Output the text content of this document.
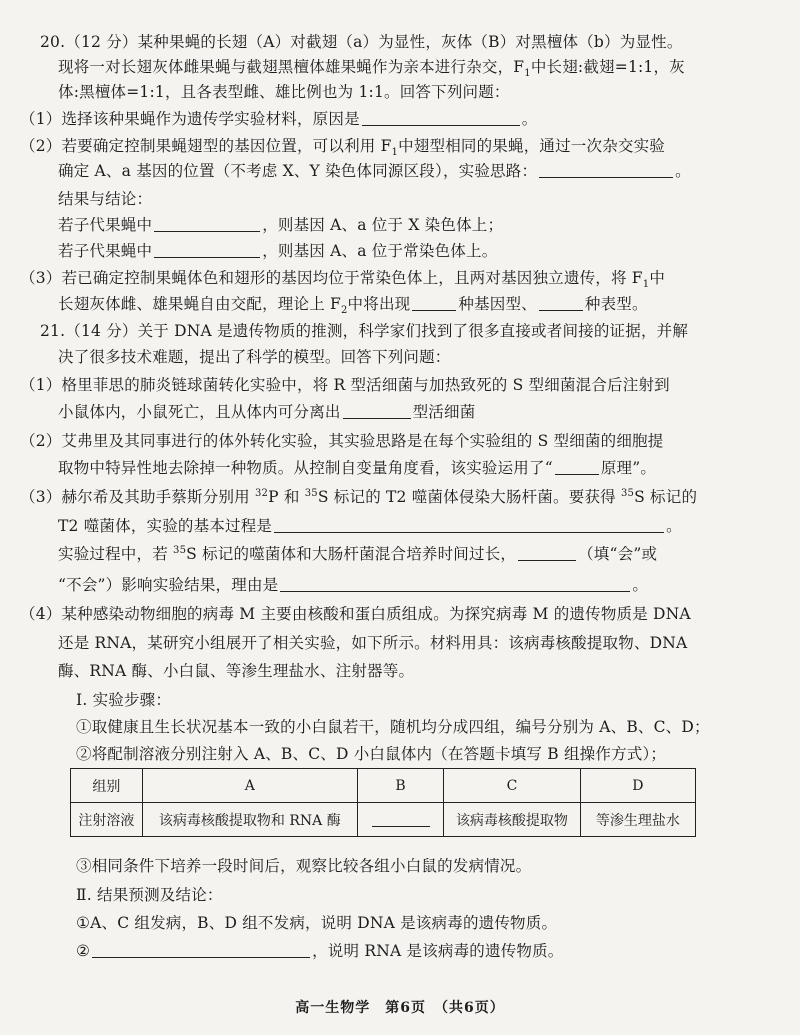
20.（12 分）某种果蝇的长翅（A）对截翅（a）为显性，灰体（B）对黑檀体（b）为显性。
现将一对长翅灰体雌果蝇与截翅黑檀体雄果蝇作为亲本进行杂交，$F_1$中长翅:截翅=1:1，灰
体:黑檀体=1:1，且各表型雌、雄比例也为 1:1。回答下列问题：
（1）选择该种果蝇作为遗传学实验材料，原因是	。
（2）若要确定控制果蝇翅型的基因位置，可以利用 $F_1$中翅型相同的果蝇，通过一次杂交实验
确定 A、a 基因的位置（不考虑 X、Y 染色体同源区段），实验思路：	。
结果与结论：
若子代果蝇中	，则基因 A、a 位于 X 染色体上；
若子代果蝇中	，则基因 A、a 位于常染色体上。
（3）若已确定控制果蝇体色和翅形的基因均位于常染色体上，且两对基因独立遗传，将 $F_1$中
长翅灰体雌、雄果蝇自由交配，理论上 $F_2$中将出现	种基因型、	种表型。
21.（14 分）关于 DNA 是遗传物质的推测，科学家们找到了很多直接或者间接的证据，并解
决了很多技术难题，提出了科学的模型。回答下列问题：
（1）格里菲思的肺炎链球菌转化实验中，将 R 型活细菌与加热致死的 S 型细菌混合后注射到
小鼠体内，小鼠死亡，且从体内可分离出	型活细菌
（2）艾弗里及其同事进行的体外转化实验，其实验思路是在每个实验组的 S 型细菌的细胞提
取物中特异性地去除掉一种物质。从控制自变量角度看，该实验运用了“	原理”。
（3）赫尔希及其助手蔡斯分别用 $^{32}$P 和 $^{35}$S 标记的 T2 噬菌体侵染大肠杆菌。要获得 $^{35}$S 标记的
T2 噬菌体，实验的基本过程是	。
实验过程中，若 $^{35}$S 标记的噬菌体和大肠杆菌混合培养时间过长，	（填“会”或
“不会”）影响实验结果，理由是	。
（4）某种感染动物细胞的病毒 M 主要由核酸和蛋白质组成。为探究病毒 M 的遗传物质是 DNA
还是 RNA，某研究小组展开了相关实验，如下所示。材料用具：该病毒核酸提取物、DNA
酶、RNA 酶、小白鼠、等渗生理盐水、注射器等。
Ⅰ. 实验步骤：
①取健康且生长状况基本一致的小白鼠若干，随机均分成四组，编号分别为 A、B、C、D；
②将配制溶液分别注射入 A、B、C、D 小白鼠体内（在答题卡填写 B 组操作方式）；
组别	A	B	C	D
注射溶液	该病毒核酸提取物和 RNA 酶		该病毒核酸提取物	等渗生理盐水
③相同条件下培养一段时间后，观察比较各组小白鼠的发病情况。
Ⅱ. 结果预测及结论：
①A、C 组发病，B、D 组不发病，说明 DNA 是该病毒的遗传物质。
②	，说明 RNA 是该病毒的遗传物质。
高一生物学　第6页　（共6页）
